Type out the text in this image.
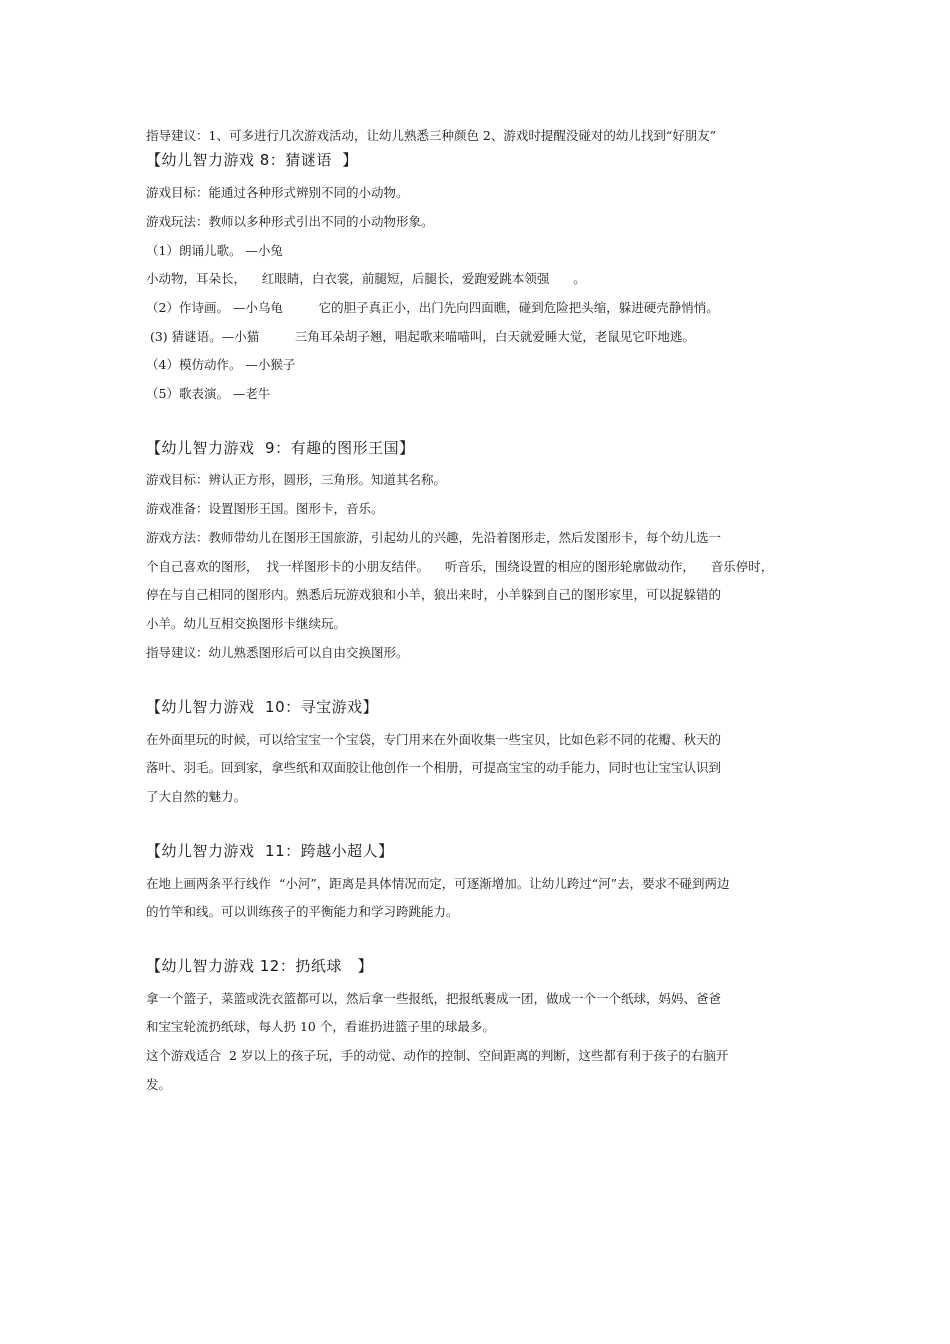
指导建议：1、可多进行几次游戏活动，让幼儿熟悉三种颜色 2、游戏时提醒没碰对的幼儿找到“好朋友”
【幼儿智力游戏 8：猜谜语  】
游戏目标：能通过各种形式辨别不同的小动物。
游戏玩法：教师以多种形式引出不同的小动物形象。
（1）朗诵儿歌。 —小兔
小动物，耳朵长，    红眼睛，白衣裳，前腿短，后腿长，爱跑爱跳本领强      。
（2）作诗画。 —小乌龟         它的胆子真正小，出门先向四面瞧，碰到危险把头缩，躲进硬壳静悄悄。
(3) 猜谜语。—小猫         三角耳朵胡子翘，唱起歌来喵喵叫，白天就爱睡大觉，老鼠见它吓地逃。
（4）模仿动作。 —小猴子
（5）歌表演。 —老牛
【幼儿智力游戏  9：有趣的图形王国】
游戏目标：辨认正方形，圆形，三角形。知道其名称。
游戏准备：设置图形王国。图形卡，音乐。
游戏方法：教师带幼儿在图形王国旅游，引起幼儿的兴趣，先沿着图形走，然后发图形卡，每个幼儿选一
个自己喜欢的图形，  找一样图形卡的小朋友结伴。    听音乐，围绕设置的相应的图形轮廓做动作，    音乐停时，
停在与自己相同的图形内。熟悉后玩游戏狼和小羊，狼出来时，小羊躲到自己的图形家里，可以捉躲错的
小羊。幼儿互相交换图形卡继续玩。
指导建议：幼儿熟悉图形后可以自由交换图形。
【幼儿智力游戏  10：寻宝游戏】
在外面里玩的时候，可以给宝宝一个宝袋，专门用来在外面收集一些宝贝，比如色彩不同的花瓣、秋天的
落叶、羽毛。回到家，拿些纸和双面胶让他创作一个相册，可提高宝宝的动手能力，同时也让宝宝认识到
了大自然的魅力。
【幼儿智力游戏  11：跨越小超人】
在地上画两条平行线作  “小河”，距离是具体情况而定，可逐渐增加。让幼儿跨过“河”去，要求不碰到两边
的竹竿和线。可以训练孩子的平衡能力和学习跨跳能力。
【幼儿智力游戏 12：扔纸球   】
拿一个篮子，菜篮或洗衣篮都可以，然后拿一些报纸，把报纸裹成一团，做成一个一个纸球，妈妈、爸爸
和宝宝轮流扔纸球，每人扔 10 个，看谁扔进篮子里的球最多。
这个游戏适合  2 岁以上的孩子玩，手的动觉、动作的控制、空间距离的判断，这些都有利于孩子的右脑开
发。
